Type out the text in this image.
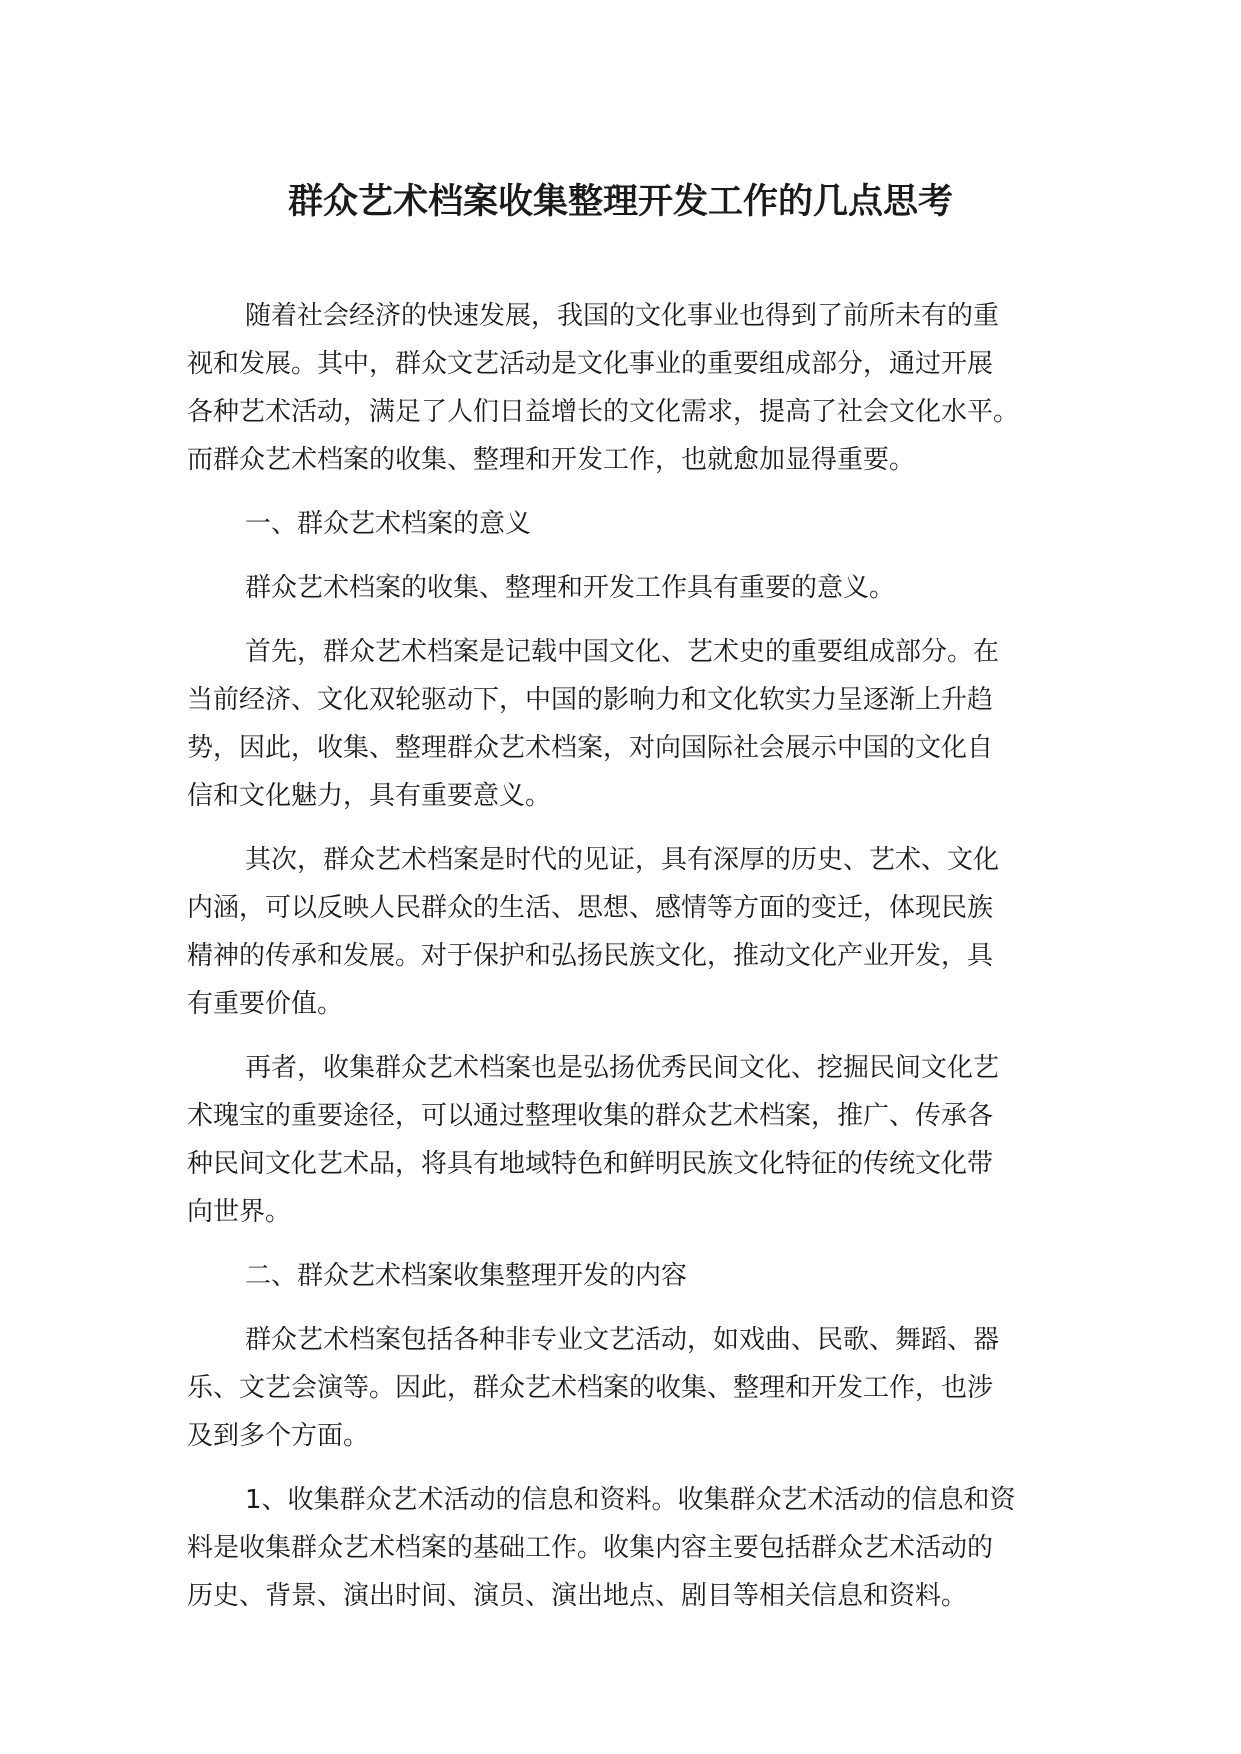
群众艺术档案收集整理开发工作的几点思考

随着社会经济的快速发展，我国的文化事业也得到了前所未有的重
视和发展。其中，群众文艺活动是文化事业的重要组成部分，通过开展
各种艺术活动，满足了人们日益增长的文化需求，提高了社会文化水平。
而群众艺术档案的收集、整理和开发工作，也就愈加显得重要。

一、群众艺术档案的意义

群众艺术档案的收集、整理和开发工作具有重要的意义。

首先，群众艺术档案是记载中国文化、艺术史的重要组成部分。在
当前经济、文化双轮驱动下，中国的影响力和文化软实力呈逐渐上升趋
势，因此，收集、整理群众艺术档案，对向国际社会展示中国的文化自
信和文化魅力，具有重要意义。

其次，群众艺术档案是时代的见证，具有深厚的历史、艺术、文化
内涵，可以反映人民群众的生活、思想、感情等方面的变迁，体现民族
精神的传承和发展。对于保护和弘扬民族文化，推动文化产业开发，具
有重要价值。

再者，收集群众艺术档案也是弘扬优秀民间文化、挖掘民间文化艺
术瑰宝的重要途径，可以通过整理收集的群众艺术档案，推广、传承各
种民间文化艺术品，将具有地域特色和鲜明民族文化特征的传统文化带
向世界。

二、群众艺术档案收集整理开发的内容

群众艺术档案包括各种非专业文艺活动，如戏曲、民歌、舞蹈、器
乐、文艺会演等。因此，群众艺术档案的收集、整理和开发工作，也涉
及到多个方面。

1、收集群众艺术活动的信息和资料。收集群众艺术活动的信息和资
料是收集群众艺术档案的基础工作。收集内容主要包括群众艺术活动的
历史、背景、演出时间、演员、演出地点、剧目等相关信息和资料。
